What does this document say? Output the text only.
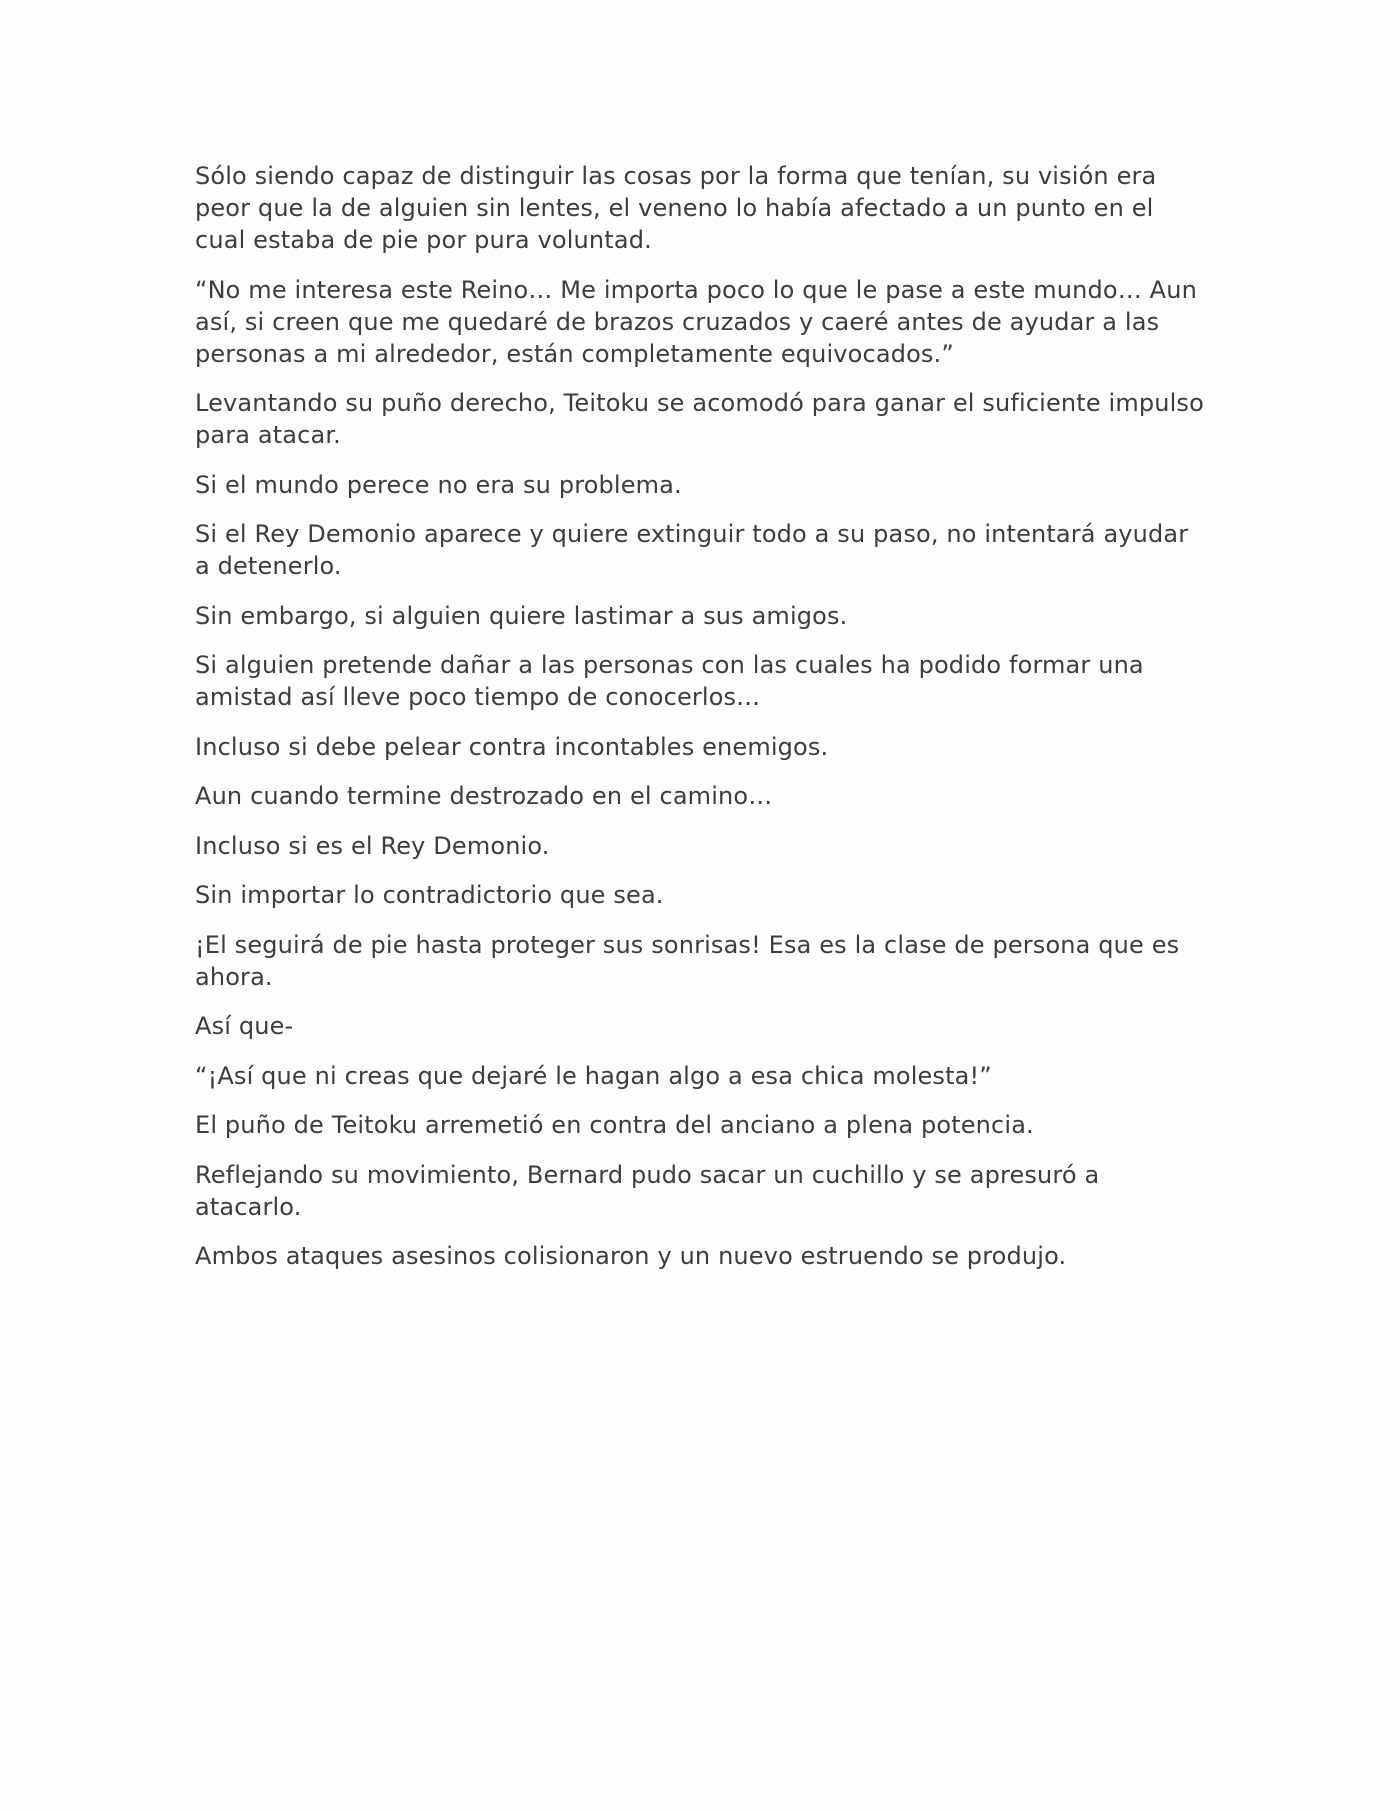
Sólo siendo capaz de distinguir las cosas por la forma que tenían, su visión era peor que la de alguien sin lentes, el veneno lo había afectado a un punto en el cual estaba de pie por pura voluntad.

“No me interesa este Reino… Me importa poco lo que le pase a este mundo… Aun así, si creen que me quedaré de brazos cruzados y caeré antes de ayudar a las personas a mi alrededor, están completamente equivocados.”

Levantando su puño derecho, Teitoku se acomodó para ganar el suficiente impulso para atacar.

Si el mundo perece no era su problema.

Si el Rey Demonio aparece y quiere extinguir todo a su paso, no intentará ayudar a detenerlo.

Sin embargo, si alguien quiere lastimar a sus amigos.

Si alguien pretende dañar a las personas con las cuales ha podido formar una amistad así lleve poco tiempo de conocerlos…

Incluso si debe pelear contra incontables enemigos.

Aun cuando termine destrozado en el camino…

Incluso si es el Rey Demonio.

Sin importar lo contradictorio que sea.

¡El seguirá de pie hasta proteger sus sonrisas! Esa es la clase de persona que es ahora.

Así que-

“¡Así que ni creas que dejaré le hagan algo a esa chica molesta!”

El puño de Teitoku arremetió en contra del anciano a plena potencia.

Reflejando su movimiento, Bernard pudo sacar un cuchillo y se apresuró a atacarlo.

Ambos ataques asesinos colisionaron y un nuevo estruendo se produjo.
